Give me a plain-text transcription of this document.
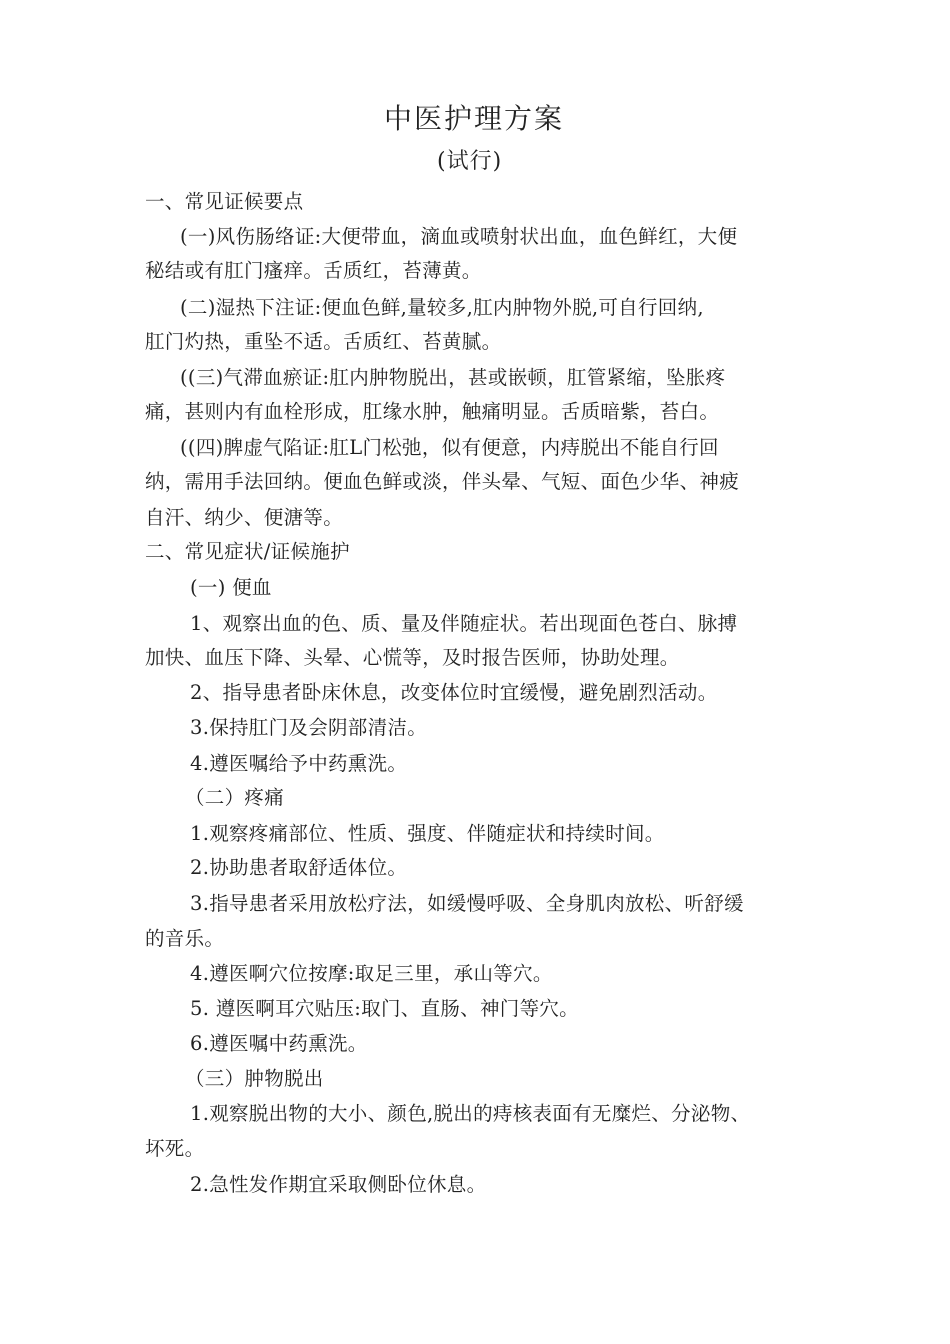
中医护理方案
(试行)
一、常见证候要点
(一)风伤肠络证:大便带血，滴血或喷射状出血，血色鲜红，大便
秘结或有肛门瘙痒。舌质红，苔薄黄。
(二)湿热下注证:便血色鲜,量较多,肛内肿物外脱,可自行回纳,
肛门灼热，重坠不适。舌质红、苔黄腻。
((三)气滞血瘀证:肛内肿物脱出，甚或嵌顿，肛管紧缩，坠胀疼
痛，甚则内有血栓形成，肛缘水肿，触痛明显。舌质暗紫，苔白。
((四)脾虚气陷证:肛L门松弛，似有便意，内痔脱出不能自行回
纳，需用手法回纳。便血色鲜或淡，伴头晕、气短、面色少华、神疲
自汗、纳少、便溏等。
二、常见症状/证候施护
(一) 便血
1、观察出血的色、质、量及伴随症状。若出现面色苍白、脉搏
加快、血压下降、头晕、心慌等，及时报告医师，协助处理。
2、指导患者卧床休息，改变体位时宜缓慢，避免剧烈活动。
3.保持肛门及会阴部清洁。
4.遵医嘱给予中药熏洗。
（二）疼痛
1.观察疼痛部位、性质、强度、伴随症状和持续时间。
2.协助患者取舒适体位。
3.指导患者采用放松疗法，如缓慢呼吸、全身肌肉放松、听舒缓
的音乐。
4.遵医啊穴位按摩:取足三里，承山等穴。
5. 遵医啊耳穴贴压:取门、直肠、神门等穴。
6.遵医嘱中药熏洗。
（三）肿物脱出
1.观察脱出物的大小、颜色,脱出的痔核表面有无糜烂、分泌物、
坏死。
2.急性发作期宜采取侧卧位休息。
